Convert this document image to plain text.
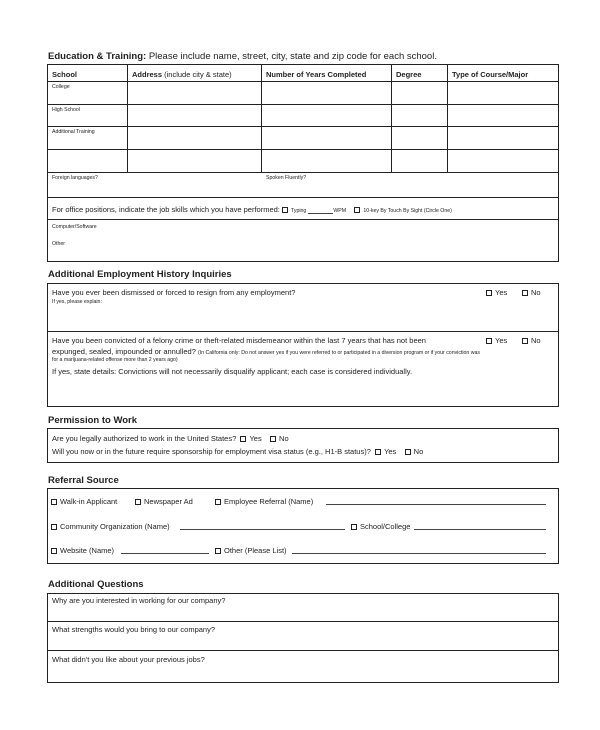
Education & Training: Please include name, street, city, state and zip code for each school.
School	Address (include city & state)	Number of Years Completed	Degree	Type of Course/Major
College
High School
Additional Training
Foreign languages?	Spoken Fluently?
For office positions, indicate the job skills which you have performed: Typing	WPM	10-key By Touch By Sight (Circle One)
Computer/Software
Other
Additional Employment History Inquiries
Have you ever been dismissed or forced to resign from any employment?
If yes, please explain:
Yes	No
Have you been convicted of a felony crime or theft-related misdemeanor within the last 7 years that has not been
expunged, sealed, impounded or annulled? (In California only: Do not answer yes if you were referred to or participated in a diversion program or if your conviction was
for a marijuana-related offense more than 2 years ago)
Yes	No
If yes, state details: Convictions will not necessarily disqualify applicant; each case is considered individually.
Permission to Work
Are you legally authorized to work in the United States? Yes No
Will you now or in the future require sponsorship for employment visa status (e.g., H1-B status)? Yes No
Referral Source
Walk-in Applicant	Newspaper Ad	Employee Referral (Name)
Community Organization (Name)	School/College
Website (Name)	Other (Please List)
Additional Questions
Why are you interested in working for our company?
What strengths would you bring to our company?
What didn't you like about your previous jobs?
